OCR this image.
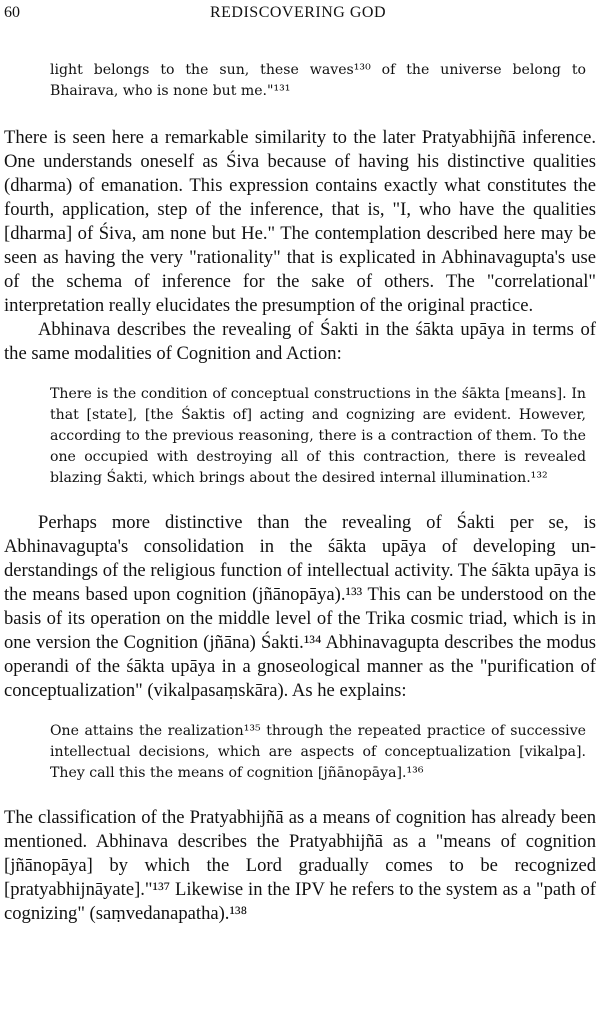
60	REDISCOVERING GOD

light belongs to the sun, these waves¹³⁰ of the universe belong to Bhairava, who is none but me."¹³¹

There is seen here a remarkable similarity to the later Pratyabhijñā inference. One understands oneself as Śiva because of having his distinctive qualities (dharma) of emanation. This expression contains exactly what constitutes the fourth, application, step of the inference, that is, "I, who have the qualities [dharma] of Śiva, am none but He." The contemplation described here may be seen as having the very "rationality" that is explicated in Abhinavagupta's use of the schema of inference for the sake of others. The "correlational" interpretation really elucidates the presumption of the original practice.

Abhinava describes the revealing of Śakti in the śākta upāya in terms of the same modalities of Cognition and Action:

There is the condition of conceptual constructions in the śākta [means]. In that [state], [the Śaktis of] acting and cognizing are evident. However, according to the previous reasoning, there is a contraction of them. To the one occupied with destroying all of this contraction, there is revealed blazing Śakti, which brings about the desired internal illumination.¹³²

Perhaps more distinctive than the revealing of Śakti per se, is Abhinavagupta's consolidation in the śākta upāya of developing understandings of the religious function of intellectual activity. The śākta upāya is the means based upon cognition (jñānopāya).¹³³ This can be understood on the basis of its operation on the middle level of the Trika cosmic triad, which is in one version the Cognition (jñāna) Śakti.¹³⁴ Abhinavagupta describes the modus operandi of the śākta upāya in a gnoseological manner as the "purification of conceptualization" (vikalpasaṃskāra). As he explains:

One attains the realization¹³⁵ through the repeated practice of successive intellectual decisions, which are aspects of conceptualization [vikalpa]. They call this the means of cognition [jñānopāya].¹³⁶

The classification of the Pratyabhijñā as a means of cognition has already been mentioned. Abhinava describes the Pratyabhijñā as a "means of cognition [jñānopāya] by which the Lord gradually comes to be recognized [pratyabhijnāyate]."¹³⁷ Likewise in the IPV he refers to the system as a "path of cognizing" (saṃvedanapatha).¹³⁸
